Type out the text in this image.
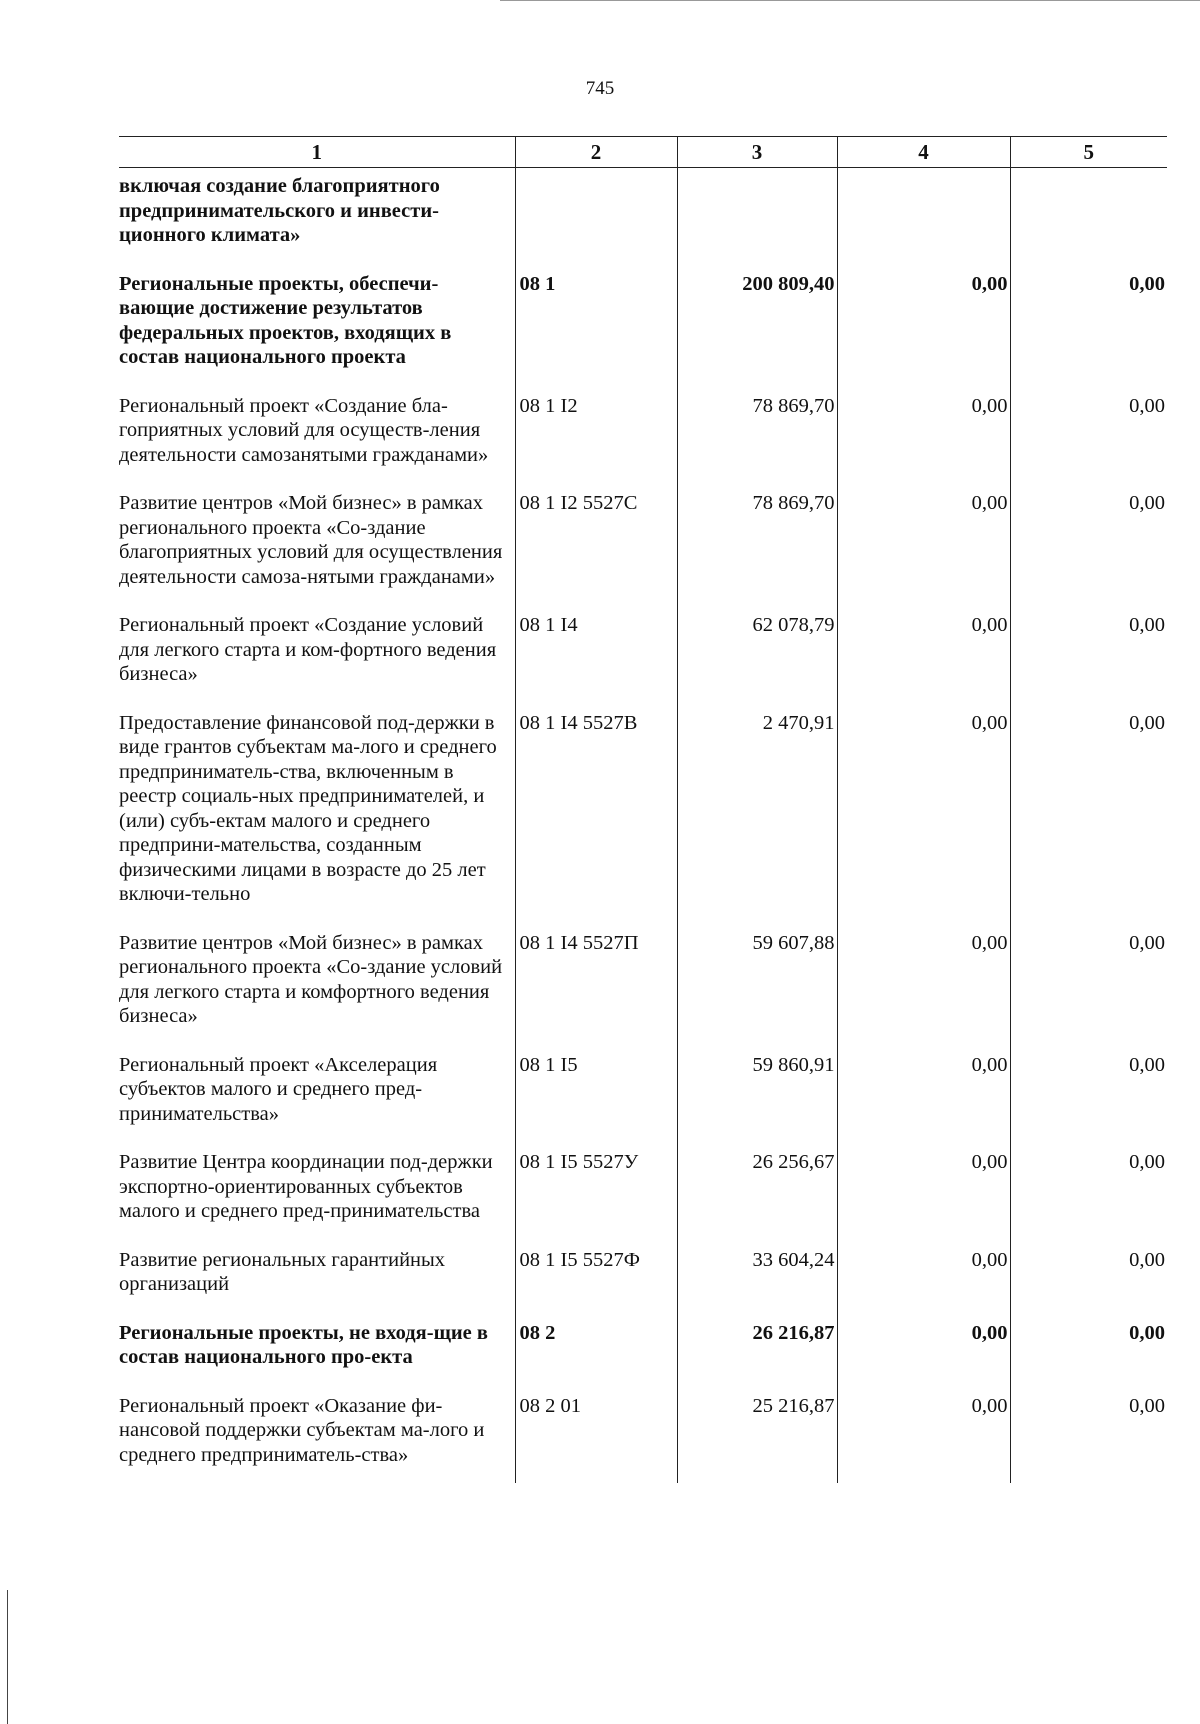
745
1	2	3	4	5
включая создание благоприятного предпринимательского и инвести-ционного климата»				
Региональные проекты, обеспечи-вающие достижение результатов федеральных проектов, входящих в состав национального проекта	08 1	200 809,40	0,00	0,00
Региональный проект «Создание бла-гоприятных условий для осуществ-ления деятельности самозанятыми гражданами»	08 1 I2	78 869,70	0,00	0,00
Развитие центров «Мой бизнес» в рамках регионального проекта «Со-здание благоприятных условий для осуществления деятельности самоза-нятыми гражданами»	08 1 I2 5527С	78 869,70	0,00	0,00
Региональный проект «Создание условий для легкого старта и ком-фортного ведения бизнеса»	08 1 I4	62 078,79	0,00	0,00
Предоставление финансовой под-держки в виде грантов субъектам ма-лого и среднего предприниматель-ства, включенным в реестр социаль-ных предпринимателей, и (или) субъ-ектам малого и среднего предприни-мательства, созданным физическими лицами в возрасте до 25 лет включи-тельно	08 1 I4 5527В	2 470,91	0,00	0,00
Развитие центров «Мой бизнес» в рамках регионального проекта «Со-здание условий для легкого старта и комфортного ведения бизнеса»	08 1 I4 5527П	59 607,88	0,00	0,00
Региональный проект «Акселерация субъектов малого и среднего пред-принимательства»	08 1 I5	59 860,91	0,00	0,00
Развитие Центра координации под-держки экспортно-ориентированных субъектов малого и среднего пред-принимательства	08 1 I5 5527У	26 256,67	0,00	0,00
Развитие региональных гарантийных организаций	08 1 I5 5527Ф	33 604,24	0,00	0,00
Региональные проекты, не входя-щие в состав национального про-екта	08 2	26 216,87	0,00	0,00
Региональный проект «Оказание фи-нансовой поддержки субъектам ма-лого и среднего предприниматель-ства»	08 2 01	25 216,87	0,00	0,00
